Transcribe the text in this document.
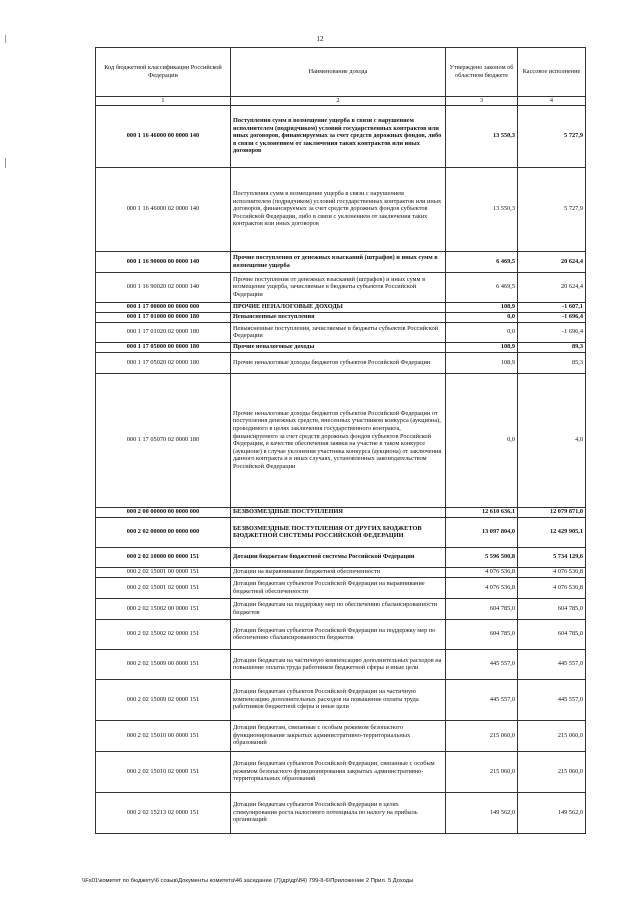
12
Код бюджетной классификации Российской Федерации	Наименование дохода	Утверждено законом об областном бюджете	Кассовое исполнение
1	2	3	4
000 1 16 46000 00 0000 140	Поступления сумм в возмещение ущерба в связи с нарушением исполнителем (подрядчиком) условий государственных контрактов или иных договоров, финансируемых за счет средств дорожных фондов, либо в связи с уклонением от заключения таких контрактов или иных договоров	13 550,3	5 727,9
000 1 16 46000 02 0000 140	Поступления сумм в возмещение ущерба в связи с нарушением исполнителем (подрядчиком) условий государственных контрактов или иных договоров, финансируемых за счет средств дорожных фондов субъектов Российской Федерации, либо в связи с уклонением от заключения таких контрактов или иных договоров	13 550,3	5 727,9
000 1 16 90000 00 0000 140	Прочие поступления от денежных взысканий (штрафов) и иных сумм в возмещение ущерба	6 469,5	20 624,4
000 1 16 90020 02 0000 140	Прочие поступления от денежных взысканий (штрафов) и иных сумм в возмещение ущерба, зачисляемые в бюджеты субъектов Российской Федерации	6 469,5	20 624,4
000 1 17 00000 00 0000 000	ПРОЧИЕ НЕНАЛОГОВЫЕ ДОХОДЫ	108,9	-1 607,1
000 1 17 01000 00 0000 180	Невыясненные поступления	0,0	-1 696,4
000 1 17 01020 02 0000 180	Невыясненные поступления, зачисляемые в бюджеты субъектов Российской Федерации	0,0	-1 696,4
000 1 17 05000 00 0000 180	Прочие неналоговые доходы	108,9	89,3
000 1 17 05020 02 0000 180	Прочие неналоговые доходы бюджетов субъектов Российской Федерации	108,9	85,3
000 1 17 05070 02 0000 180	Прочие неналоговые доходы бюджетов субъектов Российской Федерации от поступления денежных средств, внесенных участником конкурса (аукциона), проводимого в целях заключения государственного контракта, финансируемого за счет средств дорожных фондов субъектов Российской Федерации, в качестве обеспечения заявки на участие в таком конкурсе (аукционе) в случае уклонения участника конкурса (аукциона) от заключения данного контракта и в иных случаях, установленных законодательством Российской Федерации	0,0	4,0
000 2 00 00000 00 0000 000	БЕЗВОЗМЕЗДНЫЕ ПОСТУПЛЕНИЯ	12 610 636,1	12 079 871,0
000 2 02 00000 00 0000 000	БЕЗВОЗМЕЗДНЫЕ ПОСТУПЛЕНИЯ ОТ ДРУГИХ БЮДЖЕТОВ БЮДЖЕТНОЙ СИСТЕМЫ РОССИЙСКОЙ ФЕДЕРАЦИИ	13 097 804,0	12 429 905,1
000 2 02 10000 00 0000 151	Дотации бюджетам бюджетной системы Российской Федерации	5 596 500,8	5 734 129,6
000 2 02 15001 00 0000 151	Дотации на выравнивание бюджетной обеспеченности	4 076 536,8	4 076 536,8
000 2 02 15001 02 0000 151	Дотации бюджетам субъектов Российской Федерации на выравнивание бюджетной обеспеченности	4 076 536,8	4 076 536,8
000 2 02 15002 00 0000 151	Дотации бюджетам на поддержку мер по обеспечению сбалансированности бюджетов	604 785,0	604 785,0
000 2 02 15002 02 0000 151	Дотации бюджетам субъектов Российской Федерации на поддержку мер по обеспечению сбалансированности бюджетов	604 785,0	604 785,0
000 2 02 15009 00 0000 151	Дотации бюджетам на частичную компенсацию дополнительных расходов на повышение оплаты труда работников бюджетной сферы и иные цели	445 557,0	445 557,0
000 2 02 15009 02 0000 151	Дотации бюджетам субъектов Российской Федерации на частичную компенсацию дополнительных расходов на повышение оплаты труда работников бюджетной сферы и иные цели	445 557,0	445 557,0
000 2 02 15010 00 0000 151	Дотации бюджетам, связанные с особым режимом безопасного функционирования закрытых административно-территориальных образований	215 060,0	215 060,0
000 2 02 15010 02 0000 151	Дотации бюджетам субъектов Российской Федерации, связанные с особым режимом безопасного функционирования закрытых административно-территориальных образований	215 060,0	215 060,0
000 2 02 15213 02 0000 151	Дотации бюджетам субъектов Российской Федерации в целях стимулирования роста налогового потенциала по налогу на прибыль организаций	149 562,0	149 562,0
\\Fs01\комитет по бюджету\6 созыв\Документы комитета\46 заседание (7)\др\др\84) 799-II-6\Приложение 2 Прил. 5 Доходы
